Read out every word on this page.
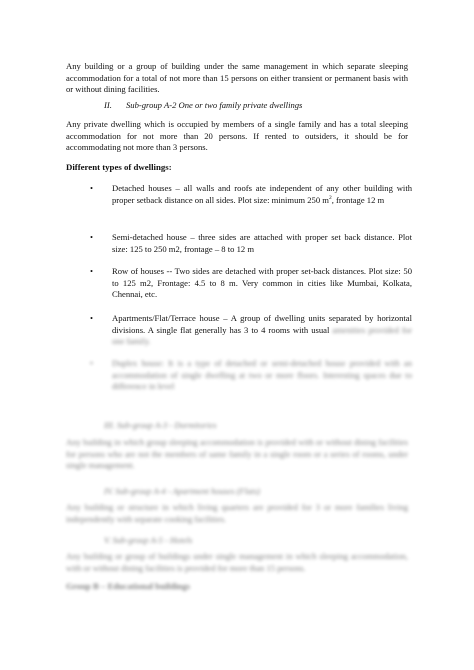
Any building or a group of building under the same management in which separate sleeping accommodation for a total of not more than 15 persons on either transient or permanent basis with or without dining facilities.
II. Sub-group A-2 One or two family private dwellings
Any private dwelling which is occupied by members of a single family and has a total sleeping accommodation for not more than 20 persons. If rented to outsiders, it should be for accommodating not more than 3 persons.
Different types of dwellings:
• Detached houses – all walls and roofs ate independent of any other building with proper setback distance on all sides. Plot size: minimum 250 $m^2$, frontage 12 m
• Semi-detached house – three sides are attached with proper set back distance. Plot size: 125 to 250 m2, frontage – 8 to 12 m
• Row of houses -- Two sides are detached with proper set-back distances. Plot size: 50 to 125 m2, Frontage: 4.5 to 8 m. Very common in cities like Mumbai, Kolkata, Chennai, etc.
• Apartments/Flat/Terrace house – A group of dwelling units separated by horizontal divisions. A single flat generally has 3 to 4 rooms with usual amenities provided for one family.
• Duplex house: It is a type of detached or semi-detached house provided with an accommodation of single dwelling at two or more floors. Interesting spaces due to difference in level
III. Sub-group A-3 - Dormitories
Any building in which group sleeping accommodation is provided with or without dining facilities for persons who are not the members of same family in a single room or a series of rooms, under single management.
IV. Sub-group A-4 - Apartment houses (Flats)
Any building or structure in which living quarters are provided for 3 or more families living independently with separate cooking facilities.
V. Sub-group A-5 - Hotels
Any building or group of buildings under single management in which sleeping accommodation, with or without dining facilities is provided for more than 15 persons.
Group B – Educational buildings
